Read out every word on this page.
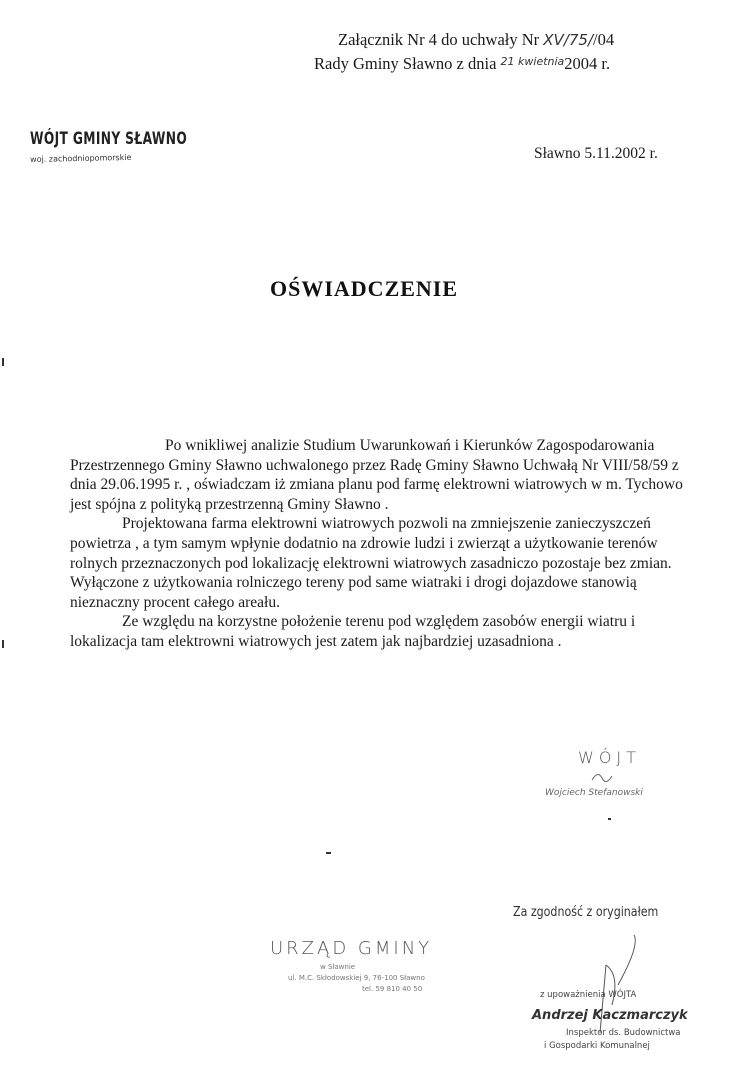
Załącznik Nr 4 do uchwały Nr XV/75//04
Rady Gminy Sławno z dnia $^{21 kwietnia}$2004 r.
WÓJT GMINY SŁAWNO
woj. zachodniopomorskie	Sławno 5.11.2002 r.
OŚWIADCZENIE

Po wnikliwej analizie Studium Uwarunkowań i Kierunków Zagospodarowania Przestrzennego Gminy Sławno uchwalonego przez Radę Gminy Sławno Uchwałą Nr VIII/58/59 z dnia 29.06.1995 r. , oświadczam iż zmiana planu pod farmę elektrowni wiatrowych w m. Tychowo jest spójna z polityką przestrzenną Gminy Sławno .

Projektowana farma elektrowni wiatrowych pozwoli na zmniejszenie zanieczyszczeń powietrza , a tym samym wpłynie dodatnio na zdrowie ludzi i zwierząt a użytkowanie terenów rolnych przeznaczonych pod lokalizację elektrowni wiatrowych zasadniczo pozostaje bez zmian. Wyłączone z użytkowania rolniczego tereny pod same wiatraki i drogi dojazdowe stanowią nieznaczny procent całego areału.

Ze względu na korzystne położenie terenu pod względem zasobów energii wiatru i lokalizacja tam elektrowni wiatrowych jest zatem jak najbardziej uzasadniona .

WÓJT
Wojciech Stefanowski
URZĄD GMINY
w Sławnie
ul. M.C. Skłodowskiej 9, 76-100 Sławno
tel. 59 810 40 50
Za zgodność z oryginałem
z upoważnienia WÓJTA
Andrzej Kaczmarczyk
Inspektor ds. Budownictwa
i Gospodarki Komunalnej
